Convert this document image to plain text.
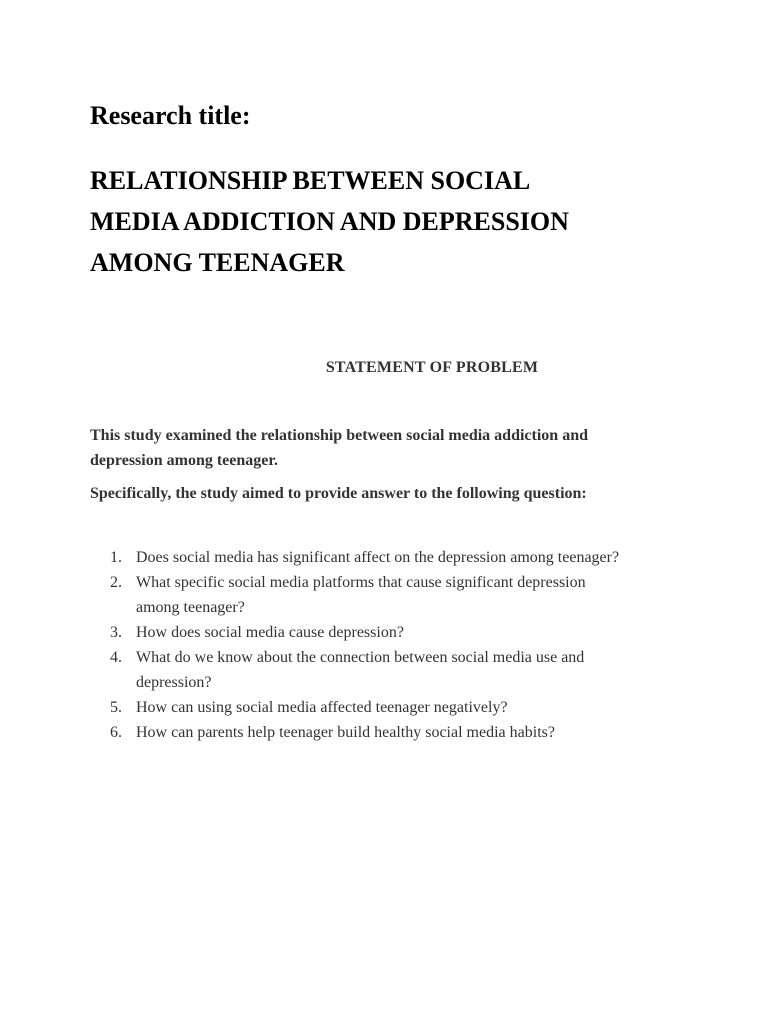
Research title:
RELATIONSHIP BETWEEN SOCIAL
MEDIA ADDICTION AND DEPRESSION
AMONG TEENAGER
STATEMENT OF PROBLEM

This study examined the relationship between social media addiction and
depression among teenager.

Specifically, the study aimed to provide answer to the following question:

1. Does social media has significant affect on the depression among teenager?
2. What specific social media platforms that cause significant depression
among teenager?
3. How does social media cause depression?
4. What do we know about the connection between social media use and
depression?
5. How can using social media affected teenager negatively?
6. How can parents help teenager build healthy social media habits?
